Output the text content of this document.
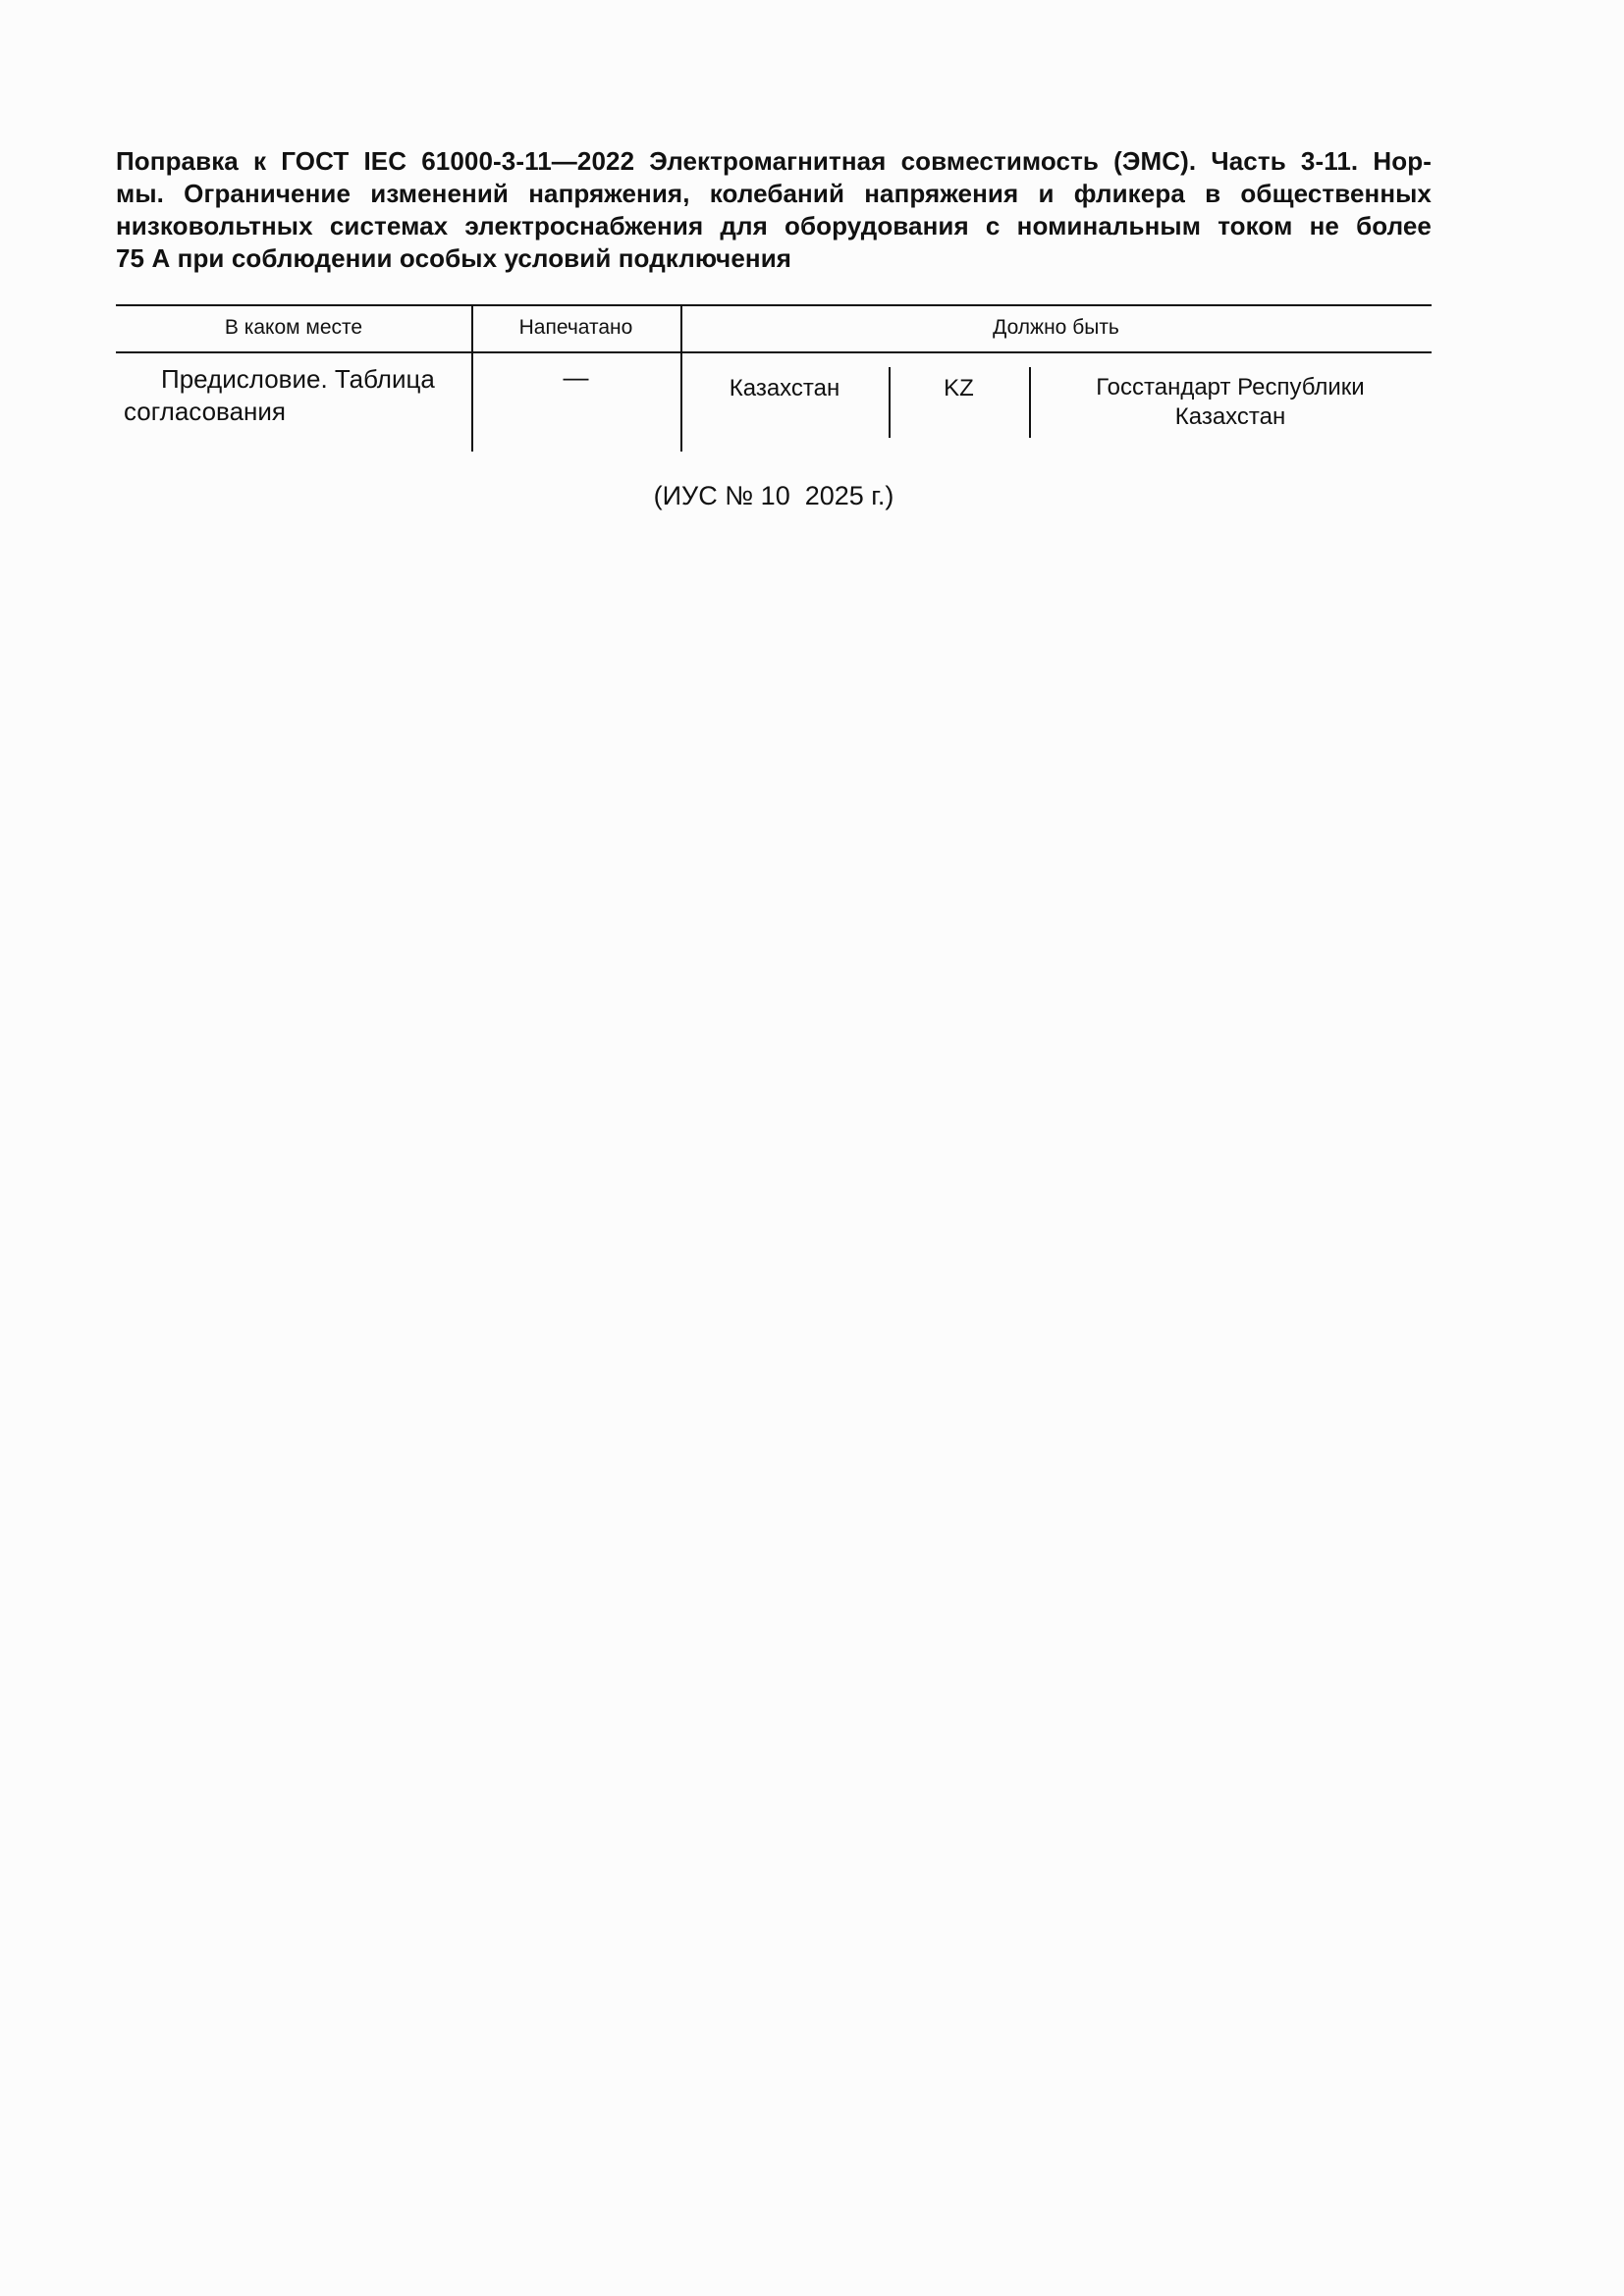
Поправка к ГОСТ IEC 61000-3-11—2022 Электромагнитная совместимость (ЭМС). Часть 3-11. Нор-
мы. Ограничение изменений напряжения, колебаний напряжения и фликера в общественных
низковольтных системах электроснабжения для оборудования с номинальным током не более
75 А при соблюдении особых условий подключения
В каком месте	Напечатано	Должно быть
Предисловие. Таблица
согласования
—	Казахстан	KZ	Госстандарт Республики
Казахстан
(ИУС № 10  2025 г.)
